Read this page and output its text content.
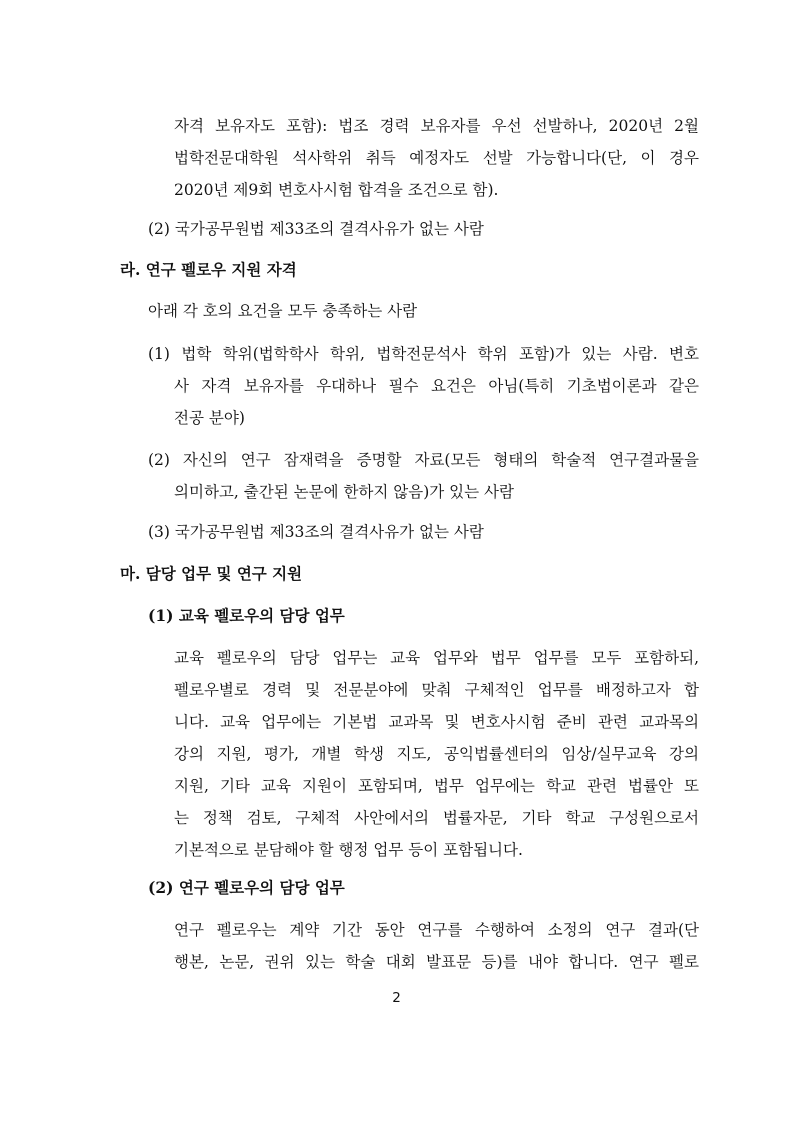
자격 보유자도 포함): 법조 경력 보유자를 우선 선발하나, 2020년 2월
법학전문대학원 석사학위 취득 예정자도 선발 가능합니다(단, 이 경우
2020년 제9회 변호사시험 합격을 조건으로 함).
(2) 국가공무원법 제33조의 결격사유가 없는 사람
라. 연구 펠로우 지원 자격
아래 각 호의 요건을 모두 충족하는 사람
(1) 법학 학위(법학학사 학위, 법학전문석사 학위 포함)가 있는 사람. 변호
사 자격 보유자를 우대하나 필수 요건은 아님(특히 기초법이론과 같은
전공 분야)
(2) 자신의 연구 잠재력을 증명할 자료(모든 형태의 학술적 연구결과물을
의미하고, 출간된 논문에 한하지 않음)가 있는 사람
(3) 국가공무원법 제33조의 결격사유가 없는 사람
마. 담당 업무 및 연구 지원
(1) 교육 펠로우의 담당 업무
교육 펠로우의 담당 업무는 교육 업무와 법무 업무를 모두 포함하되,
펠로우별로 경력 및 전문분야에 맞춰 구체적인 업무를 배정하고자 합
니다. 교육 업무에는 기본법 교과목 및 변호사시험 준비 관련 교과목의
강의 지원, 평가, 개별 학생 지도, 공익법률센터의 임상/실무교육 강의
지원, 기타 교육 지원이 포함되며, 법무 업무에는 학교 관련 법률안 또
는 정책 검토, 구체적 사안에서의 법률자문, 기타 학교 구성원으로서
기본적으로 분담해야 할 행정 업무 등이 포함됩니다.
(2) 연구 펠로우의 담당 업무
연구 펠로우는 계약 기간 동안 연구를 수행하여 소정의 연구 결과(단
행본, 논문, 권위 있는 학술 대회 발표문 등)를 내야 합니다. 연구 펠로
2
